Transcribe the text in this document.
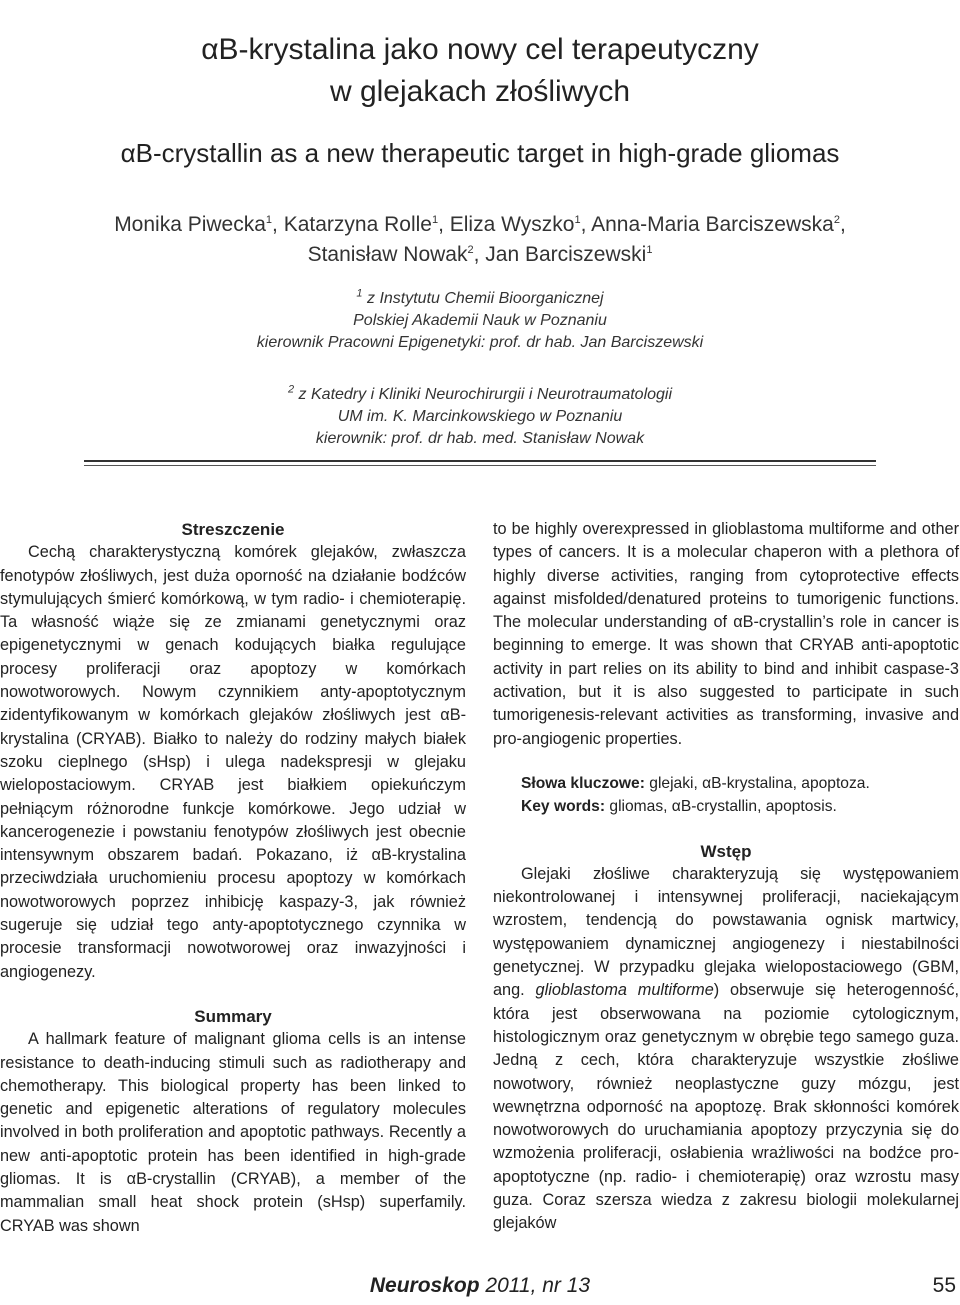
αB-krystalina jako nowy cel terapeutyczny
w glejakach złośliwych
αB-crystallin as a new therapeutic target in high-grade gliomas
Monika Piwecka$^1$, Katarzyna Rolle$^1$, Eliza Wyszko$^1$, Anna-Maria Barciszewska$^2$,
Stanisław Nowak$^2$, Jan Barciszewski$^1$
$^1$ z Instytutu Chemii Bioorganicznej
Polskiej Akademii Nauk w Poznaniu
kierownik Pracowni Epigenetyki: prof. dr hab. Jan Barciszewski
$^2$ z Katedry i Kliniki Neurochirurgii i Neurotraumatologii
UM im. K. Marcinkowskiego w Poznaniu
kierownik: prof. dr hab. med. Stanisław Nowak
Streszczenie

Cechą charakterystyczną komórek glejaków, zwłaszcza fenotypów złośliwych, jest duża oporność na działanie bodźców stymulujących śmierć komórkową, w tym radio- i chemioterapię. Ta własność wiąże się ze zmianami genetycznymi oraz epigenetycznymi w genach kodujących białka regulujące procesy proliferacji oraz apoptozy w komórkach nowotworowych. Nowym czynnikiem anty-apoptotycznym zidentyfikowanym w komórkach glejaków złośliwych jest αB-krystalina (CRYAB). Białko to należy do rodziny małych białek szoku cieplnego (sHsp) i ulega nadekspresji w glejaku wielopostaciowym. CRYAB jest białkiem opiekuńczym pełniącym różnorodne funkcje komórkowe. Jego udział w kancerogenezie i powstaniu fenotypów złośliwych jest obecnie intensywnym obszarem badań. Pokazano, iż αB-krystalina przeciwdziała uruchomieniu procesu apoptozy w komórkach nowotworowych poprzez inhibicję kaspazy-3, jak również sugeruje się udział tego anty-apoptotycznego czynnika w procesie transformacji nowotworowej oraz inwazyjności i angiogenezy.

Summary

A hallmark feature of malignant glioma cells is an intense resistance to death-inducing stimuli such as radiotherapy and chemotherapy. This biological property has been linked to genetic and epigenetic alterations of regulatory molecules involved in both proliferation and apoptotic pathways. Recently a new anti-apoptotic protein has been identified in high-grade gliomas. It is αB-crystallin (CRYAB), a member of the mammalian small heat shock protein (sHsp) superfamily. CRYAB was shown

to be highly overexpressed in glioblastoma multiforme and other types of cancers. It is a molecular chaperon with a plethora of highly diverse activities, ranging from cytoprotective effects against misfolded/denatured proteins to tumorigenic functions. The molecular understanding of αB-crystallin’s role in cancer is beginning to emerge. It was shown that CRYAB anti-apoptotic activity in part relies on its ability to bind and inhibit caspase-3 activation, but it is also suggested to participate in such tumorigenesis-relevant activities as transforming, invasive and pro-angiogenic properties.

Słowa kluczowe: glejaki, αB-krystalina, apoptoza.

Key words: gliomas, αB-crystallin, apoptosis.

Wstęp

Glejaki złośliwe charakteryzują się występowaniem niekontrolowanej i intensywnej proliferacji, naciekającym wzrostem, tendencją do powstawania ognisk martwicy, występowaniem dynamicznej angiogenezy i niestabilności genetycznej. W przypadku glejaka wielopostaciowego (GBM, ang. glioblastoma multiforme) obserwuje się heterogenność, która jest obserwowana na poziomie cytologicznym, histologicznym oraz genetycznym w obrębie tego samego guza. Jedną z cech, która charakteryzuje wszystkie złośliwe nowotwory, również neoplastyczne guzy mózgu, jest wewnętrzna odporność na apoptozę. Brak skłonności komórek nowotworowych do uruchamiania apoptozy przyczynia się do wzmożenia proliferacji, osłabienia wrażliwości na bodźce pro-apoptotyczne (np. radio- i chemioterapię) oraz wzrostu masy guza. Coraz szersza wiedza z zakresu biologii molekularnej glejaków

Neuroskop 2011, nr 13	55
